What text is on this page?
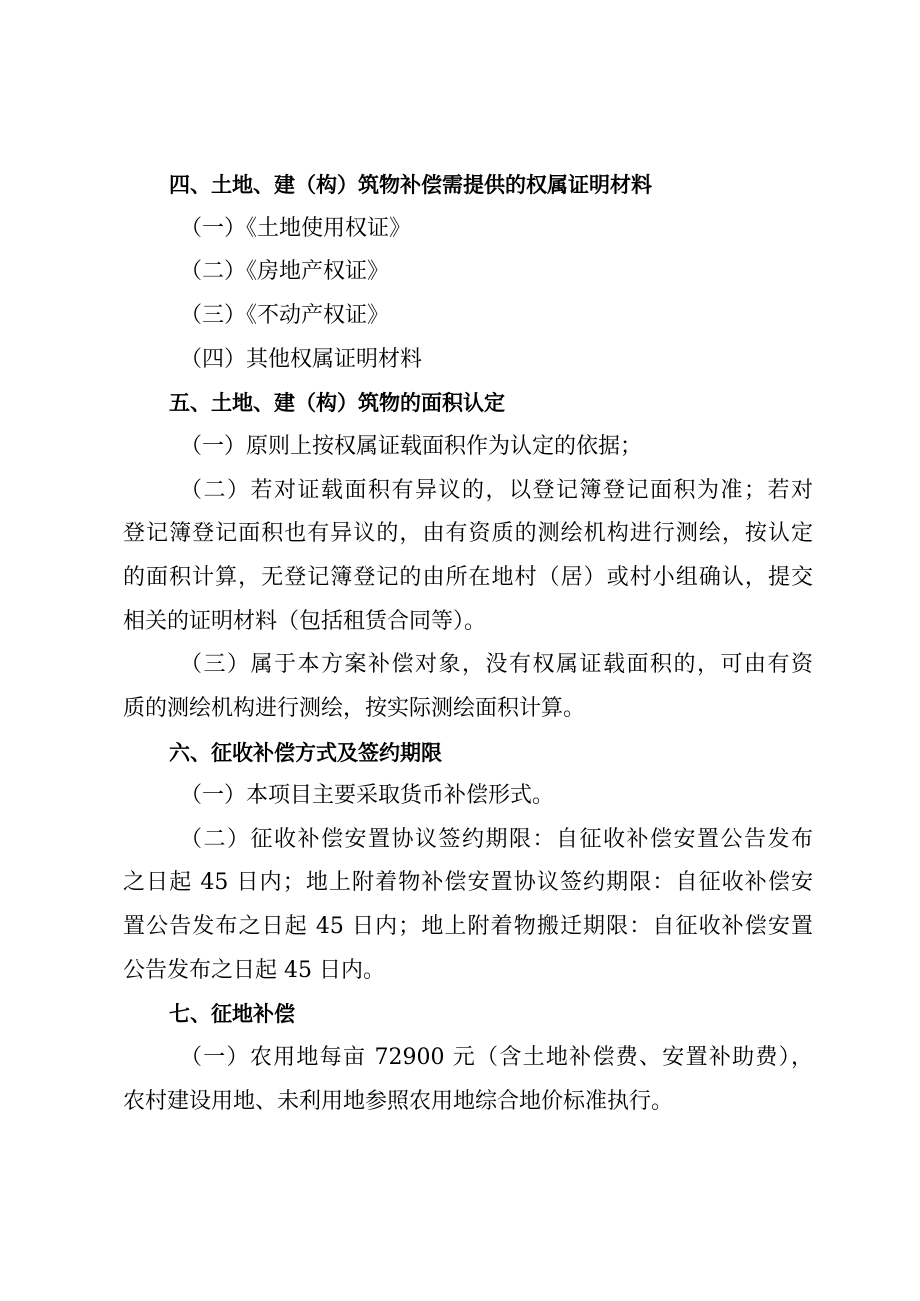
四、土地、建（构）筑物补偿需提供的权属证明材料
（一）《土地使用权证》
（二）《房地产权证》
（三）《不动产权证》
（四）其他权属证明材料
五、土地、建（构）筑物的面积认定
（一）原则上按权属证载面积作为认定的依据；
（二）若对证载面积有异议的，以登记簿登记面积为准；若对
登记簿登记面积也有异议的，由有资质的测绘机构进行测绘，按认定
的面积计算，无登记簿登记的由所在地村（居）或村小组确认，提交
相关的证明材料（包括租赁合同等）。
（三）属于本方案补偿对象，没有权属证载面积的，可由有资
质的测绘机构进行测绘，按实际测绘面积计算。
六、征收补偿方式及签约期限
（一）本项目主要采取货币补偿形式。
（二）征收补偿安置协议签约期限：自征收补偿安置公告发布
之日起 45 日内；地上附着物补偿安置协议签约期限：自征收补偿安
置公告发布之日起 45 日内；地上附着物搬迁期限：自征收补偿安置
公告发布之日起 45 日内。
七、征地补偿
（一）农用地每亩 72900 元（含土地补偿费、安置补助费），
农村建设用地、未利用地参照农用地综合地价标准执行。
